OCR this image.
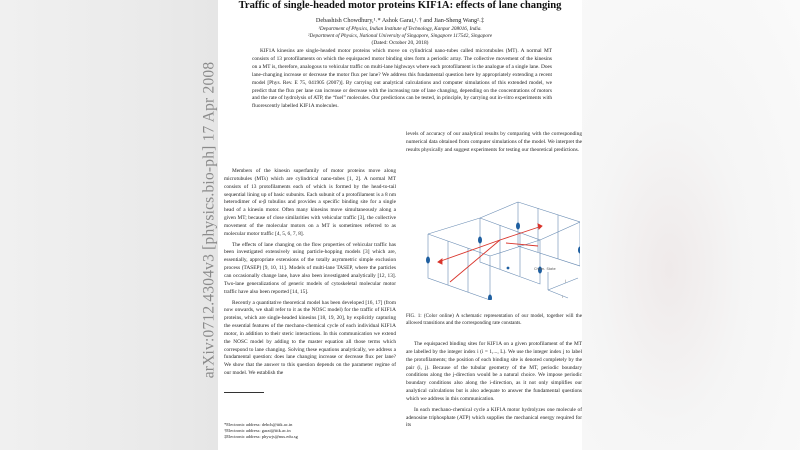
arXiv:0712.4304v3 [physics.bio-ph] 17 Apr 2008
Traffic of single-headed motor proteins KIF1A: effects of lane changing
Debashish Chowdhury,¹˒* Ashok Garai,¹˒† and Jian-Sheng Wang²˒‡
¹Department of Physics, Indian Institute of Technology, Kanpur 208016, India.
²Department of Physics, National University of Singapore, Singapore 117542, Singapore
(Dated: October 20, 2018)

KIF1A kinesins are single-headed motor proteins which move on cylindrical nano-tubes called microtubules (MT). A normal MT consists of 13 protofilaments on which the equispaced motor binding sites form a periodic array. The collective movement of the kinesins on a MT is, therefore, analogous to vehicular traffic on multi-lane highways where each protofilament is the analogue of a single lane. Does lane-changing increase or decrease the motor flux per lane? We address this fundamental question here by appropriately extending a recent model [Phys. Rev. E 75, 041905 (2007)]. By carrying out analytical calculations and computer simulations of this extended model, we predict that the flux per lane can increase or decrease with the increasing rate of lane changing, depending on the concentrations of motors and the rate of hydrolysis of ATP, the “fuel” molecules. Our predictions can be tested, in principle, by carrying out in-vitro experiments with fluorescently labelled KIF1A molecules.

Members of the kinesin superfamily of motor proteins move along microtubules (MTs) which are cylindrical nano-tubes [1, 2]. A normal MT consists of 13 protofilaments each of which is formed by the head-to-tail sequential lining up of basic subunits. Each subunit of a protofilament is a 8 nm heterodimer of α-β tubulins and provides a specific binding site for a single head of a kinesin motor. Often many kinesins move simultaneously along a given MT; because of close similarities with vehicular traffic [3], the collective movement of the molecular motors on a MT is sometimes referred to as molecular motor traffic [4, 5, 6, 7, 8].

The effects of lane changing on the flow properties of vehicular traffic has been investigated extensively using particle-hopping models [3] which are, essentially, appropriate extensions of the totally asymmetric simple exclusion process (TASEP) [9, 10, 11]. Models of multi-lane TASEP, where the particles can occasionally change lane, have also been investigated analytically [12, 13]. Two-lane generalizations of generic models of cytoskeletal molecular motor traffic have also been reported [14, 15].

Recently a quantitative theoretical model has been developed [16, 17] (from now onwards, we shall refer to it as the NOSC model) for the traffic of KIF1A proteins, which are single-headed kinesins [18, 19, 20], by explicitly capturing the essential features of the mechano-chemical cycle of each individual KIF1A motor, in addition to their steric interactions. In this communication we extend the NOSC model by adding to the master equation all those terms which correspond to lane changing. Solving these equations analytically, we address a fundamental question: does lane changing increase or decrease flux per lane? We show that the answer to this question depends on the parameter regime of our model. We establish the

levels of accuracy of our analytical results by comparing with the corresponding numerical data obtained from computer simulations of the model. We interpret the results physically and suggest experiments for testing our theoretical predictions.

Chem. State
j
i
FIG. 1: (Color online) A schematic representation of our model, together will the allowed transitions and the corresponding rate constants.

The equispaced binding sites for KIF1A on a given protofilament of the MT are labelled by the integer index i (i = 1,..., L). We use the integer index j to label the protofilaments; the position of each binding site is denoted completely by the pair (i, j). Because of the tubular geometry of the MT, periodic boundary conditions along the j-direction would be a natural choice. We impose periodic boundary conditions also along the i-direction, as it not only simplifies our analytical calculations but is also adequate to answer the fundamental questions which we address in this communication.

In each mechano-chemical cycle a KIF1A motor hydrolyzes one molecule of adenosine triphosphate (ATP) which supplies the mechanical energy required for its

*Electronic address: debch@iitk.ac.in
†Electronic address: garai@iitk.ac.in
‡Electronic address: phywjs@nus.edu.sg
